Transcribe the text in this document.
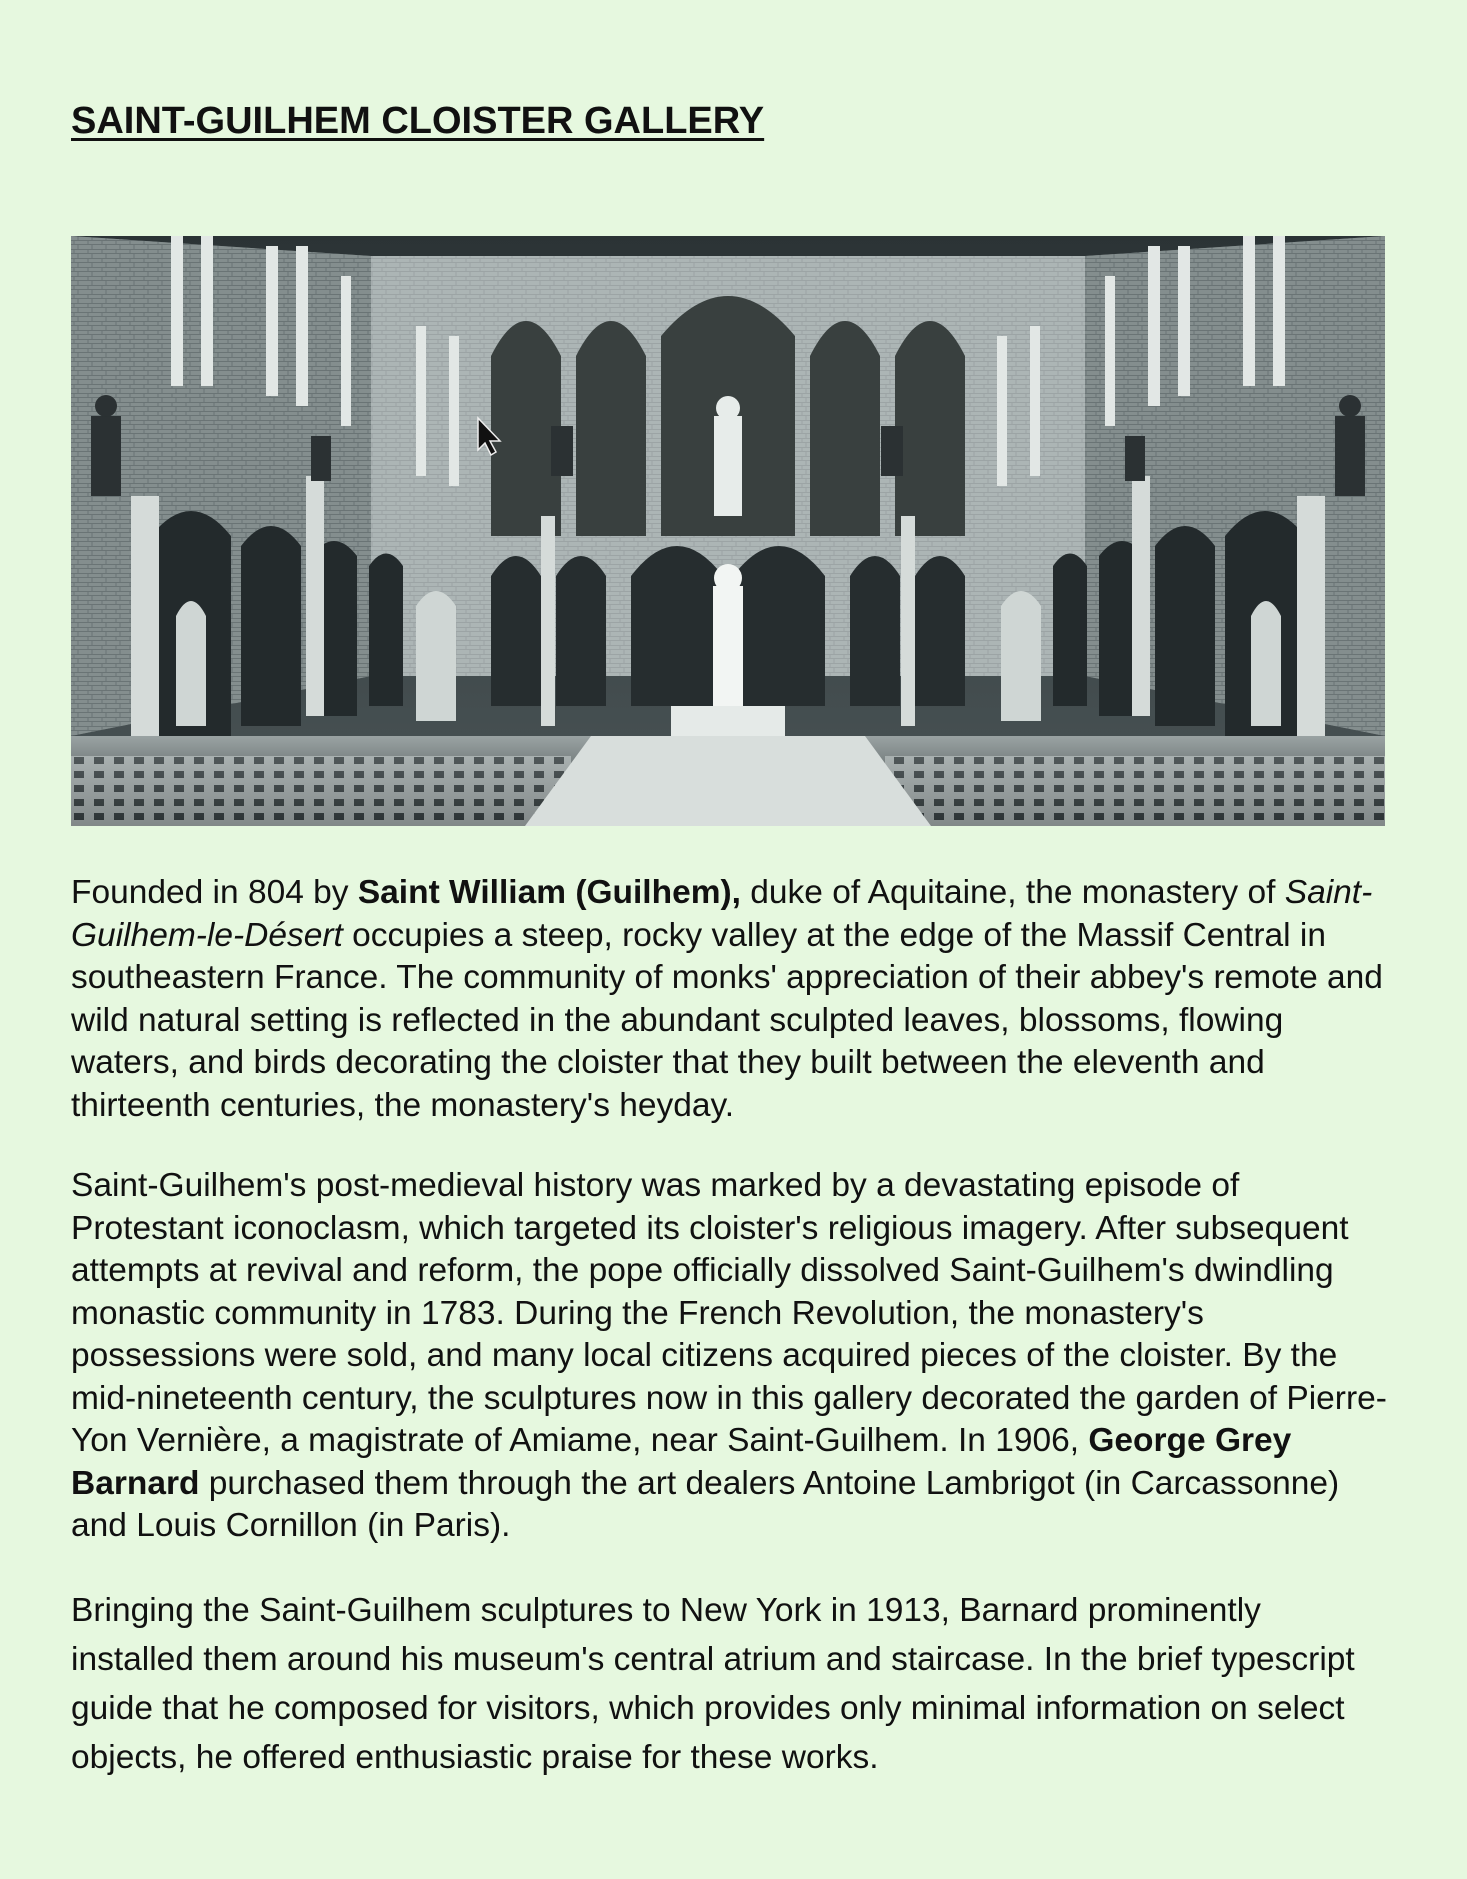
SAINT-GUILHEM CLOISTER GALLERY

Founded in 804 by Saint William (Guilhem), duke of Aquitaine, the monastery of Saint-Guilhem-le-Désert occupies a steep, rocky valley at the edge of the Massif Central in southeastern France. The community of monks' appreciation of their abbey's remote and wild natural setting is reflected in the abundant sculpted leaves, blossoms, flowing waters, and birds decorating the cloister that they built between the eleventh and thirteenth centuries, the monastery's heyday.

Saint-Guilhem's post-medieval history was marked by a devastating episode of Protestant iconoclasm, which targeted its cloister's religious imagery. After subsequent attempts at revival and reform, the pope officially dissolved Saint-Guilhem's dwindling monastic community in 1783. During the French Revolution, the monastery's possessions were sold, and many local citizens acquired pieces of the cloister. By the mid-nineteenth century, the sculptures now in this gallery decorated the garden of Pierre-Yon Vernière, a magistrate of Amiame, near Saint-Guilhem. In 1906, George Grey Barnard purchased them through the art dealers Antoine Lambrigot (in Carcassonne) and Louis Cornillon (in Paris).

Bringing the Saint-Guilhem sculptures to New York in 1913, Barnard prominently installed them around his museum's central atrium and staircase. In the brief typescript guide that he composed for visitors, which provides only minimal information on select objects, he offered enthusiastic praise for these works.
